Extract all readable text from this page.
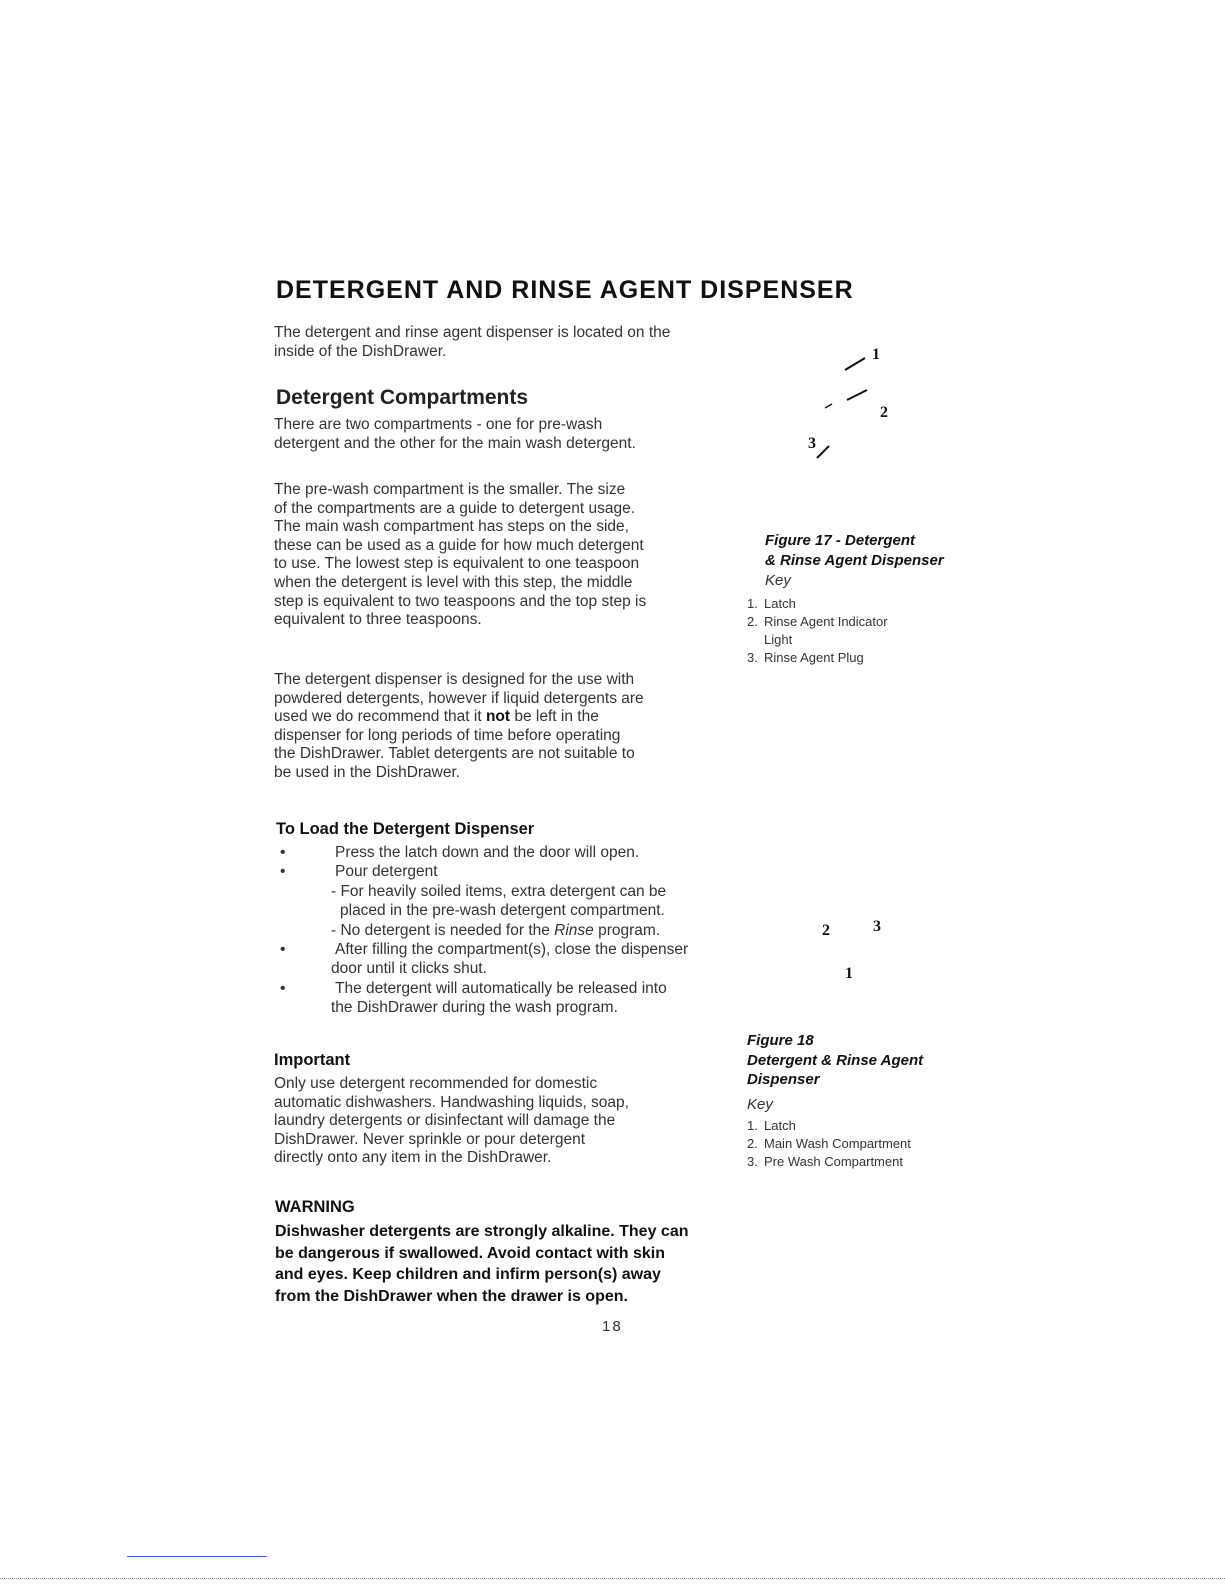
DETERGENT AND RINSE AGENT DISPENSER

The detergent and rinse agent dispenser is located on the

inside of the DishDrawer.

Detergent Compartments

There are two compartments - one for pre-wash

detergent and the other for the main wash detergent.

The pre-wash compartment is the smaller. The size

of the compartments are a guide to detergent usage.

The main wash compartment has steps on the side,

these can be used as a guide for how much detergent

to use. The lowest step is equivalent to one teaspoon

when the detergent is level with this step, the middle

step is equivalent to two teaspoons and the top step is

equivalent to three teaspoons.

The detergent dispenser is designed for the use with

powdered detergents, however if liquid detergents are

used we do recommend that it not be left in the

dispenser for long periods of time before operating

the DishDrawer. Tablet detergents are not suitable to

be used in the DishDrawer.

To Load the Detergent Dispenser
•	Press the latch down and the door will open.
•	Pour detergent
- For heavily soiled items, extra detergent can be
placed in the pre-wash detergent compartment.
- No detergent is needed for the Rinse program.
•	After filling the compartment(s), close the dispenser
door until it clicks shut.
•	The detergent will automatically be released into
the DishDrawer during the wash program.
Important

Only use detergent recommended for domestic

automatic dishwashers. Handwashing liquids, soap,

laundry detergents or disinfectant will damage the

DishDrawer. Never sprinkle or pour detergent

directly onto any item in the DishDrawer.

WARNING
Dishwasher detergents are strongly alkaline. They can
be dangerous if swallowed. Avoid contact with skin
and eyes. Keep children and infirm person(s) away
from the DishDrawer when the drawer is open.
1
2
3
Figure 17 - Detergent
& Rinse Agent Dispenser
Key
1. Latch
2. Rinse Agent Indicator
Light
3. Rinse Agent Plug
2	3
1
Figure 18
Detergent & Rinse Agent
Dispenser
Key
1. Latch
2. Main Wash Compartment
3. Pre Wash Compartment
18
